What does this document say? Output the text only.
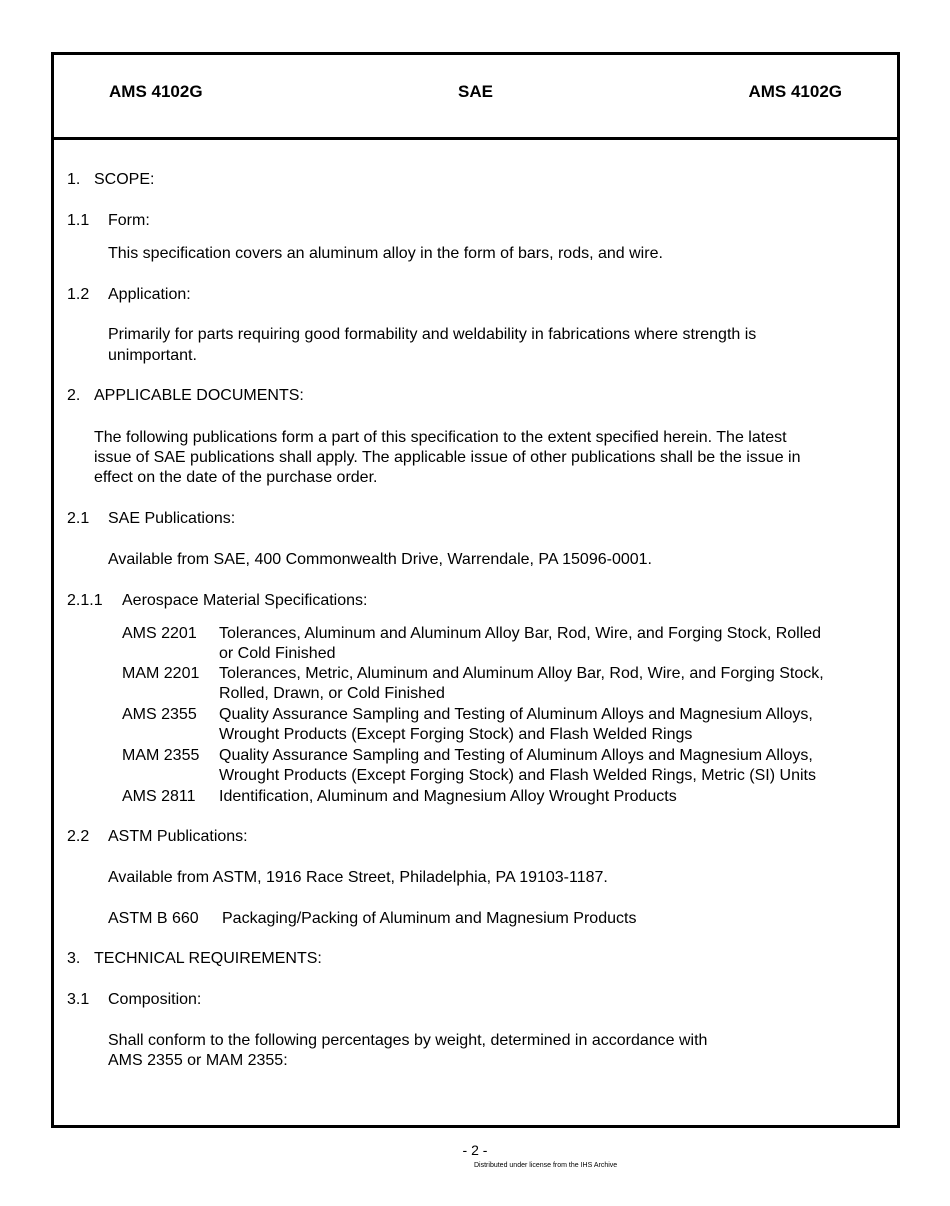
AMS 4102G	SAE	AMS 4102G
1. SCOPE:
1.1 Form:
This specification covers an aluminum alloy in the form of bars, rods, and wire.
1.2 Application:
Primarily for parts requiring good formability and weldability in fabrications where strength is
unimportant.
2. APPLICABLE DOCUMENTS:
The following publications form a part of this specification to the extent specified herein. The latest
issue of SAE publications shall apply. The applicable issue of other publications shall be the issue in
effect on the date of the purchase order.
2.1 SAE Publications:
Available from SAE, 400 Commonwealth Drive, Warrendale, PA 15096-0001.
2.1.1 Aerospace Material Specifications:
AMS 2201 Tolerances, Aluminum and Aluminum Alloy Bar, Rod, Wire, and Forging Stock, Rolled
or Cold Finished
MAM 2201 Tolerances, Metric, Aluminum and Aluminum Alloy Bar, Rod, Wire, and Forging Stock,
Rolled, Drawn, or Cold Finished
AMS 2355 Quality Assurance Sampling and Testing of Aluminum Alloys and Magnesium Alloys,
Wrought Products (Except Forging Stock) and Flash Welded Rings
MAM 2355 Quality Assurance Sampling and Testing of Aluminum Alloys and Magnesium Alloys,
Wrought Products (Except Forging Stock) and Flash Welded Rings, Metric (SI) Units
AMS 2811 Identification, Aluminum and Magnesium Alloy Wrought Products
2.2 ASTM Publications:
Available from ASTM, 1916 Race Street, Philadelphia, PA 19103-1187.
ASTM B 660 Packaging/Packing of Aluminum and Magnesium Products
3. TECHNICAL REQUIREMENTS:
3.1 Composition:
Shall conform to the following percentages by weight, determined in accordance with
AMS 2355 or MAM 2355:
- 2 -
Distributed under license from the IHS Archive
